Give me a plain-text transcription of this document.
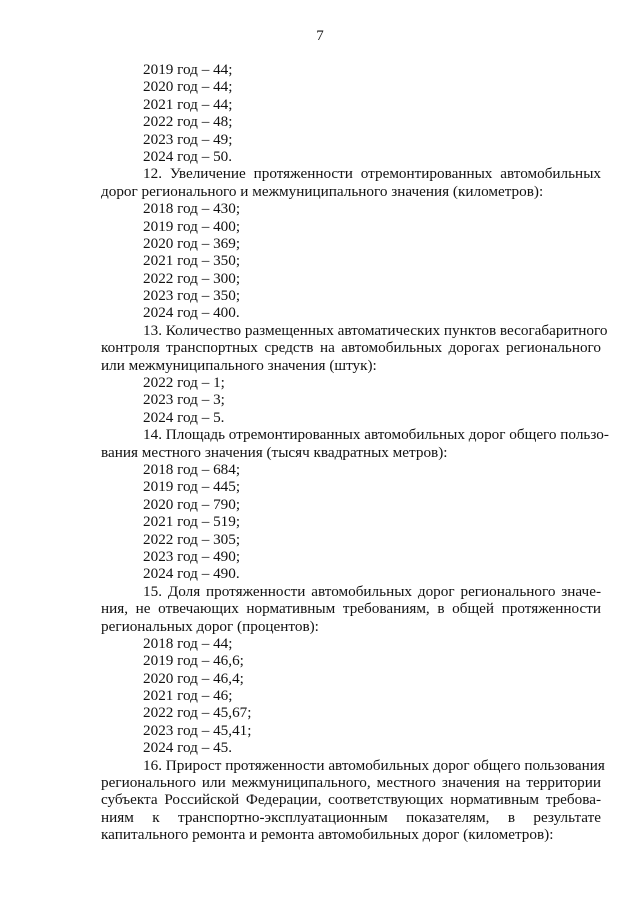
7
2019 год – 44;
2020 год – 44;
2021 год – 44;
2022 год – 48;
2023 год – 49;
2024 год – 50.
12. Увеличение протяженности отремонтированных автомобильных
дорог регионального и межмуниципального значения (километров):
2018 год – 430;
2019 год – 400;
2020 год – 369;
2021 год – 350;
2022 год – 300;
2023 год – 350;
2024 год – 400.
13. Количество размещенных автоматических пунктов весогабаритного
контроля транспортных средств на автомобильных дорогах регионального
или межмуниципального значения (штук):
2022 год – 1;
2023 год – 3;
2024 год – 5.
14. Площадь отремонтированных автомобильных дорог общего пользо-
вания местного значения (тысяч квадратных метров):
2018 год – 684;
2019 год – 445;
2020 год – 790;
2021 год – 519;
2022 год – 305;
2023 год – 490;
2024 год – 490.
15. Доля протяженности автомобильных дорог регионального значе-
ния, не отвечающих нормативным требованиям, в общей протяженности
региональных дорог (процентов):
2018 год – 44;
2019 год – 46,6;
2020 год – 46,4;
2021 год – 46;
2022 год – 45,67;
2023 год – 45,41;
2024 год – 45.
16. Прирост протяженности автомобильных дорог общего пользования
регионального или межмуниципального, местного значения на территории
субъекта Российской Федерации, соответствующих нормативным требова-
ниям к транспортно-эксплуатационным показателям, в результате
капитального ремонта и ремонта автомобильных дорог (километров):
